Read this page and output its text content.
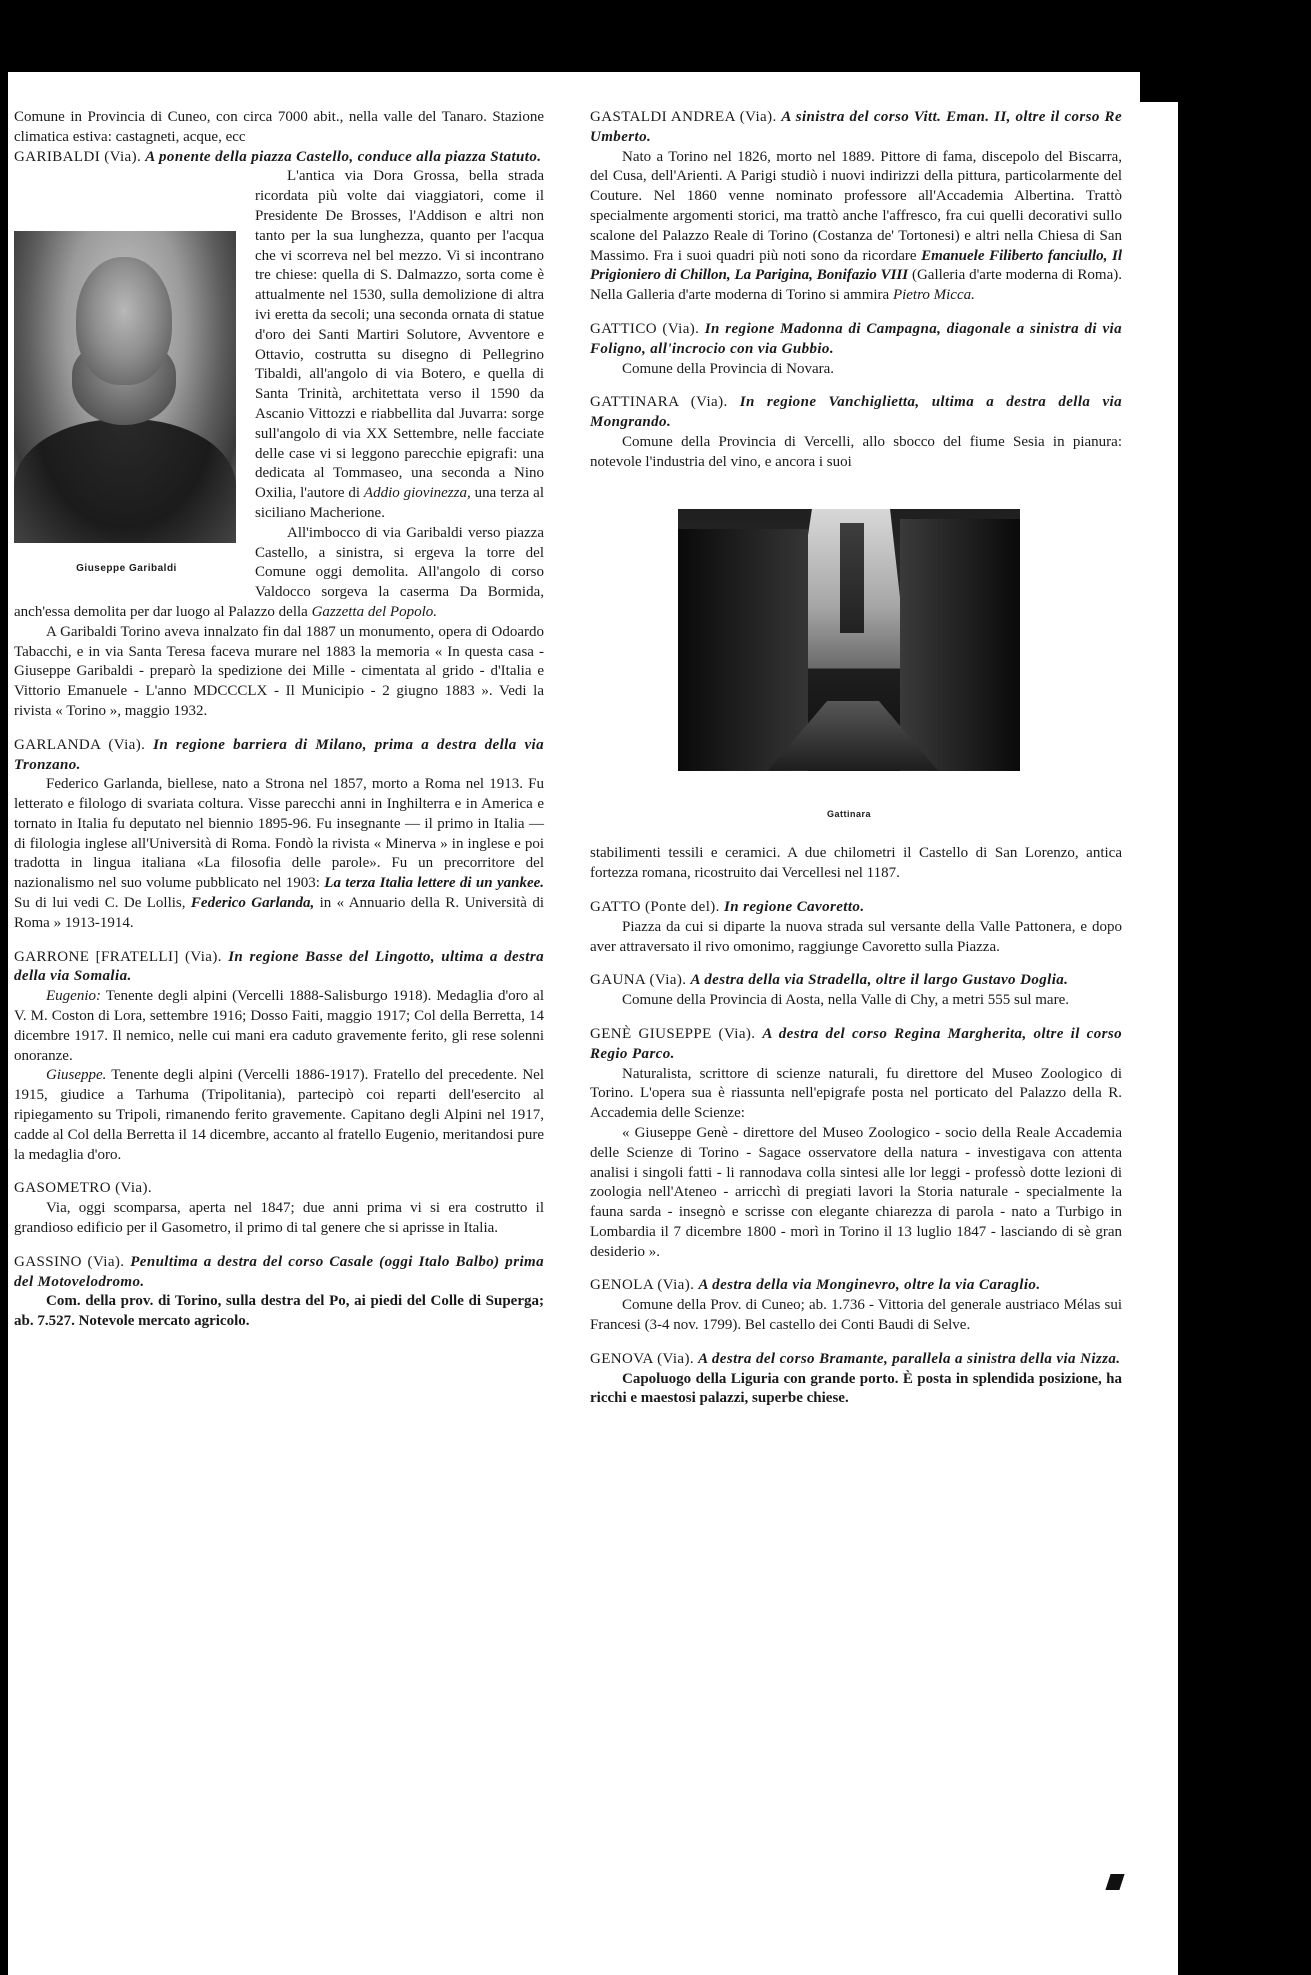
Comune in Provincia di Cuneo, con circa 7000 abit., nella valle del Tanaro. Stazione climatica estiva: castagneti, acque, ecc

GARIBALDI (Via). A ponente della piazza Castello, conduce alla piazza Statuto.

Giuseppe Garibaldi

L'antica via Dora Grossa, bella strada ricordata più volte dai viaggiatori, come il Presidente De Brosses, l'Addison e altri non tanto per la sua lunghezza, quanto per l'acqua che vi scorreva nel bel mezzo. Vi si incontrano tre chiese: quella di S. Dalmazzo, sorta come è attualmente nel 1530, sulla demolizione di altra ivi eretta da secoli; una seconda ornata di statue d'oro dei Santi Martiri Solutore, Avventore e Ottavio, costrutta su disegno di Pellegrino Tibaldi, all'angolo di via Botero, e quella di Santa Trinità, architettata verso il 1590 da Ascanio Vittozzi e riabbellita dal Juvarra: sorge sull'angolo di via XX Settembre, nelle facciate delle case vi si leggono parecchie epigrafi: una dedicata al Tommaseo, una seconda a Nino Oxilia, l'autore di Addio giovinezza, una terza al siciliano Macherione.

All'imbocco di via Garibaldi verso piazza Castello, a sinistra, si ergeva la torre del Comune oggi demolita. All'angolo di corso Valdocco sorgeva la caserma Da Bormida, anch'essa demolita per dar luogo al Palazzo della Gazzetta del Popolo.

A Garibaldi Torino aveva innalzato fin dal 1887 un monumento, opera di Odoardo Tabacchi, e in via Santa Teresa faceva murare nel 1883 la memoria « In questa casa - Giuseppe Garibaldi - preparò la spedizione dei Mille - cimentata al grido - d'Italia e Vittorio Emanuele - L'anno MDCCCLX - Il Municipio - 2 giugno 1883 ». Vedi la rivista « Torino », maggio 1932.

GARLANDA (Via). In regione barriera di Milano, prima a destra della via Tronzano.

Federico Garlanda, biellese, nato a Strona nel 1857, morto a Roma nel 1913. Fu letterato e filologo di svariata coltura. Visse parecchi anni in Inghilterra e in America e tornato in Italia fu deputato nel biennio 1895-96. Fu insegnante — il primo in Italia — di filologia inglese all'Università di Roma. Fondò la rivista « Minerva » in inglese e poi tradotta in lingua italiana «La filosofia delle parole». Fu un precorritore del nazionalismo nel suo volume pubblicato nel 1903: La terza Italia lettere di un yankee. Su di lui vedi C. De Lollis, Federico Garlanda, in « Annuario della R. Università di Roma » 1913-1914.

GARRONE [FRATELLI] (Via). In regione Basse del Lingotto, ultima a destra della via Somalia.

Eugenio: Tenente degli alpini (Vercelli 1888-Salisburgo 1918). Medaglia d'oro al V. M. Coston di Lora, settembre 1916; Dosso Faiti, maggio 1917; Col della Berretta, 14 dicembre 1917. Il nemico, nelle cui mani era caduto gravemente ferito, gli rese solenni onoranze.

Giuseppe. Tenente degli alpini (Vercelli 1886-1917). Fratello del precedente. Nel 1915, giudice a Tarhuma (Tripolitania), partecipò coi reparti dell'esercito al ripiegamento su Tripoli, rimanendo ferito gravemente. Capitano degli Alpini nel 1917, cadde al Col della Berretta il 14 dicembre, accanto al fratello Eugenio, meritandosi pure la medaglia d'oro.

GASOMETRO (Via).

Via, oggi scomparsa, aperta nel 1847; due anni prima vi si era costrutto il grandioso edificio per il Gasometro, il primo di tal genere che si aprisse in Italia.

GASSINO (Via). Penultima a destra del corso Casale (oggi Italo Balbo) prima del Motovelodromo.

Com. della prov. di Torino, sulla destra del Po, ai piedi del Colle di Superga; ab. 7.527. Notevole mercato agricolo.

GASTALDI ANDREA (Via). A sinistra del corso Vitt. Eman. II, oltre il corso Re Umberto.

Nato a Torino nel 1826, morto nel 1889. Pittore di fama, discepolo del Biscarra, del Cusa, dell'Arienti. A Parigi studiò i nuovi indirizzi della pittura, particolarmente del Couture. Nel 1860 venne nominato professore all'Accademia Albertina. Trattò specialmente argomenti storici, ma trattò anche l'affresco, fra cui quelli decorativi sullo scalone del Palazzo Reale di Torino (Costanza de' Tortonesi) e altri nella Chiesa di San Massimo. Fra i suoi quadri più noti sono da ricordare Emanuele Filiberto fanciullo, Il Prigioniero di Chillon, La Parigina, Bonifazio VIII (Galleria d'arte moderna di Roma). Nella Galleria d'arte moderna di Torino si ammira Pietro Micca.

GATTICO (Via). In regione Madonna di Campagna, diagonale a sinistra di via Foligno, all'incrocio con via Gubbio.

Comune della Provincia di Novara.

GATTINARA (Via). In regione Vanchiglietta, ultima a destra della via Mongrando.

Comune della Provincia di Vercelli, allo sbocco del fiume Sesia in pianura: notevole l'industria del vino, e ancora i suoi

Gattinara

stabilimenti tessili e ceramici. A due chilometri il Castello di San Lorenzo, antica fortezza romana, ricostruito dai Vercellesi nel 1187.

GATTO (Ponte del). In regione Cavoretto.

Piazza da cui si diparte la nuova strada sul versante della Valle Pattonera, e dopo aver attraversato il rivo omonimo, raggiunge Cavoretto sulla Piazza.

GAUNA (Via). A destra della via Stradella, oltre il largo Gustavo Doglia.

Comune della Provincia di Aosta, nella Valle di Chy, a metri 555 sul mare.

GENÈ GIUSEPPE (Via). A destra del corso Regina Margherita, oltre il corso Regio Parco.

Naturalista, scrittore di scienze naturali, fu direttore del Museo Zoologico di Torino. L'opera sua è riassunta nell'epigrafe posta nel porticato del Palazzo della R. Accademia delle Scienze:

« Giuseppe Genè - direttore del Museo Zoologico - socio della Reale Accademia delle Scienze di Torino - Sagace osservatore della natura - investigava con attenta analisi i singoli fatti - li rannodava colla sintesi alle lor leggi - professò dotte lezioni di zoologia nell'Ateneo - arricchì di pregiati lavori la Storia naturale - specialmente la fauna sarda - insegnò e scrisse con elegante chiarezza di parola - nato a Turbigo in Lombardia il 7 dicembre 1800 - morì in Torino il 13 luglio 1847 - lasciando di sè gran desiderio ».

GENOLA (Via). A destra della via Monginevro, oltre la via Caraglio.

Comune della Prov. di Cuneo; ab. 1.736 - Vittoria del generale austriaco Mélas sui Francesi (3-4 nov. 1799). Bel castello dei Conti Baudi di Selve.

GENOVA (Via). A destra del corso Bramante, parallela a sinistra della via Nizza.

Capoluogo della Liguria con grande porto. È posta in splendida posizione, ha ricchi e maestosi palazzi, superbe chiese.
